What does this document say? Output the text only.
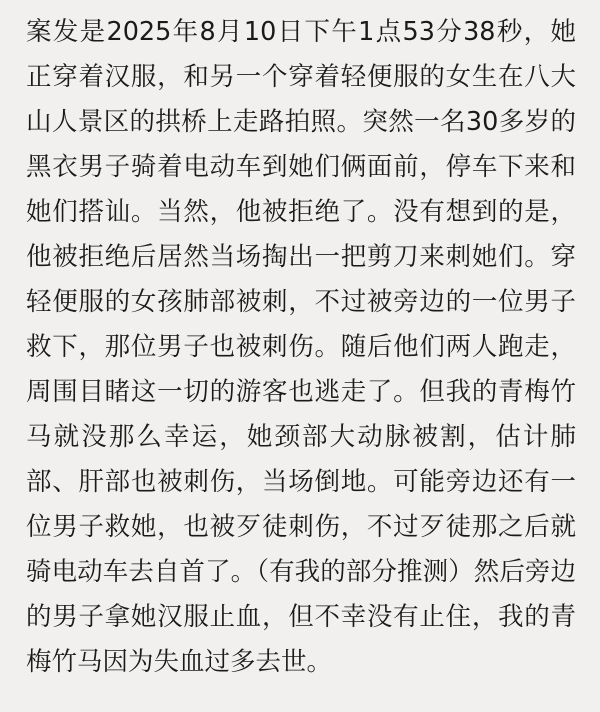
案发是2025年8月10日下午1点53分38秒，她正穿着汉服，和另一个穿着轻便服的女生在八大山人景区的拱桥上走路拍照。突然一名30多岁的黑衣男子骑着电动车到她们俩面前，停车下来和她们搭讪。当然，他被拒绝了。没有想到的是，他被拒绝后居然当场掏出一把剪刀来刺她们。穿轻便服的女孩肺部被刺，不过被旁边的一位男子救下，那位男子也被刺伤。随后他们两人跑走，周围目睹这一切的游客也逃走了。但我的青梅竹马就没那么幸运，她颈部大动脉被割，估计肺部、肝部也被刺伤，当场倒地。可能旁边还有一位男子救她，也被歹徒刺伤，不过歹徒那之后就骑电动车去自首了。（有我的部分推测）然后旁边的男子拿她汉服止血，但不幸没有止住，我的青梅竹马因为失血过多去世。
